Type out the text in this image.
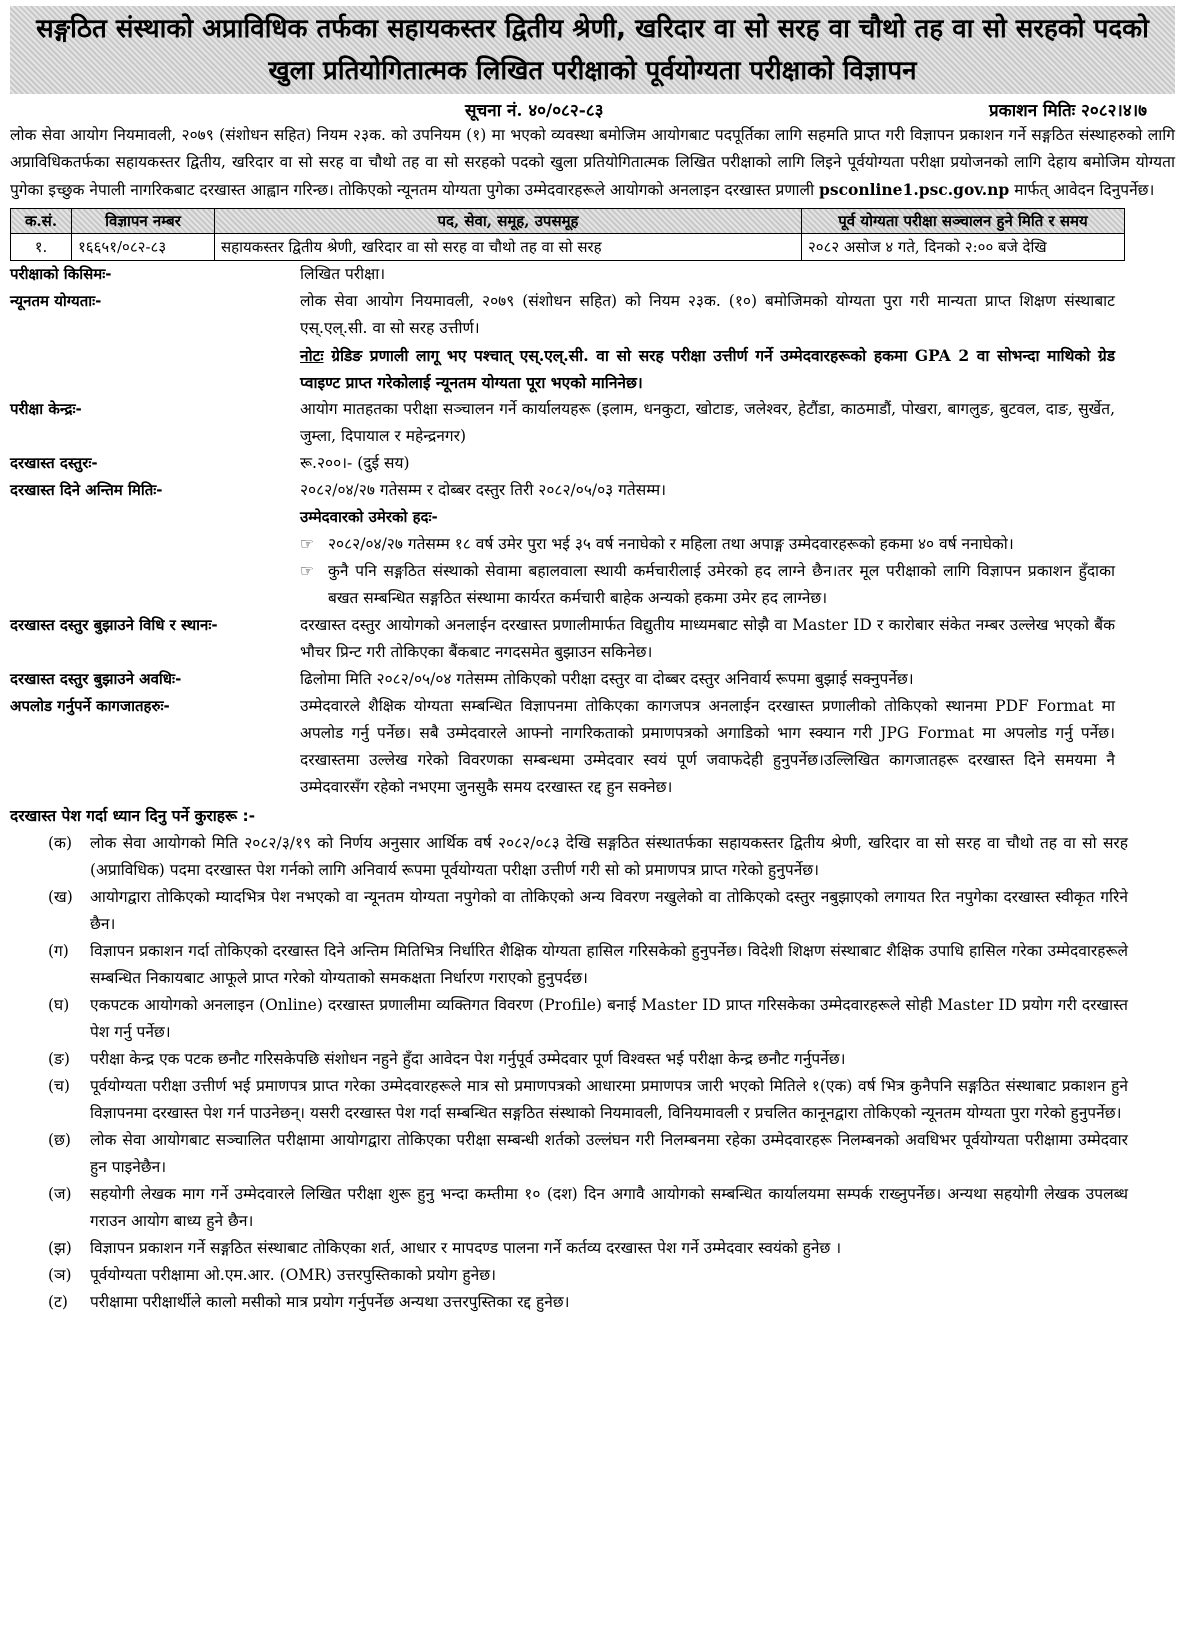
सङ्गठित संस्थाको अप्राविधिक तर्फका सहायकस्तर द्वितीय श्रेणी, खरिदार वा सो सरह वा चौथो तह वा सो सरहको पदको
खुला प्रतियोगितात्मक लिखित परीक्षाको पूर्वयोग्यता परीक्षाको विज्ञापन
सूचना नं. ४०/०८२-८३	प्रकाशन मितिः २०८२।४।७
लोक सेवा आयोग नियमावली, २०७९ (संशोधन सहित) नियम २३क. को उपनियम (१) मा भएको व्यवस्था बमोजिम आयोगबाट पदपूर्तिका लागि सहमति प्राप्त गरी विज्ञापन प्रकाशन गर्ने सङ्गठित संस्थाहरुको लागि अप्राविधिकतर्फका सहायकस्तर द्वितीय, खरिदार वा सो सरह वा चौथो तह वा सो सरहको पदको खुला प्रतियोगितात्मक लिखित परीक्षाको लागि लिइने पूर्वयोग्यता परीक्षा प्रयोजनको लागि देहाय बमोजिम योग्यता पुगेका इच्छुक नेपाली नागरिकबाट दरखास्त आह्वान गरिन्छ। तोकिएको न्यूनतम योग्यता पुगेका उम्मेदवारहरूले आयोगको अनलाइन दरखास्त प्रणाली psconline1.psc.gov.np मार्फत् आवेदन दिनुपर्नेछ।
क.सं.	विज्ञापन नम्बर	पद, सेवा, समूह, उपसमूह	पूर्व योग्यता परीक्षा सञ्चालन हुने मिति र समय
१.	१६६५१/०८२-८३	सहायकस्तर द्वितीय श्रेणी, खरिदार वा सो सरह वा चौथो तह वा सो सरह	२०८२ असोज ४ गते, दिनको २:०० बजे देखि
परीक्षाको किसिमः-	लिखित परीक्षा।
न्यूनतम योग्यताः-	लोक सेवा आयोग नियमावली, २०७९ (संशोधन सहित) को नियम २३क. (१०) बमोजिमको योग्यता पुरा गरी मान्यता प्राप्त शिक्षण संस्थाबाट एस्.एल्.सी. वा सो सरह उत्तीर्ण।
नोटः ग्रेडिङ प्रणाली लागू भए पश्चात् एस्.एल्.सी. वा सो सरह परीक्षा उत्तीर्ण गर्ने उम्मेदवारहरूको हकमा GPA 2 वा सोभन्दा माथिको ग्रेड प्वाइण्ट प्राप्त गरेकोलाई न्यूनतम योग्यता पूरा भएको मानिनेछ।
परीक्षा केन्द्रः-	आयोग मातहतका परीक्षा सञ्चालन गर्ने कार्यालयहरू (इलाम, धनकुटा, खोटाङ, जलेश्वर, हेटौंडा, काठमाडौं, पोखरा, बागलुङ, बुटवल, दाङ, सुर्खेत, जुम्ला, दिपायाल र महेन्द्रनगर)
दरखास्त दस्तुरः-	रू.२००।- (दुई सय)
दरखास्त दिने अन्तिम मितिः-	२०८२/०४/२७ गतेसम्म र दोब्बर दस्तुर तिरी २०८२/०५/०३ गतेसम्म।
उम्मेदवारको उमेरको हदः-
☞ २०८२/०४/२७ गतेसम्म १८ वर्ष उमेर पुरा भई ३५ वर्ष ननाघेको र महिला तथा अपाङ्ग उम्मेदवारहरूको हकमा ४० वर्ष ननाघेको।
☞ कुनै पनि सङ्गठित संस्थाको सेवामा बहालवाला स्थायी कर्मचारीलाई उमेरको हद लाग्ने छैन।तर मूल परीक्षाको लागि विज्ञापन प्रकाशन हुँदाका बखत सम्बन्धित सङ्गठित संस्थामा कार्यरत कर्मचारी बाहेक अन्यको हकमा उमेर हद लाग्नेछ।
दरखास्त दस्तुर बुझाउने विधि र स्थानः-	दरखास्त दस्तुर आयोगको अनलाईन दरखास्त प्रणालीमार्फत विद्युतीय माध्यमबाट सोझै वा Master ID र कारोबार संकेत नम्बर उल्लेख भएको बैंक भौचर प्रिन्ट गरी तोकिएका बैंकबाट नगदसमेत बुझाउन सकिनेछ।
दरखास्त दस्तुर बुझाउने अवधिः-	ढिलोमा मिति २०८२/०५/०४ गतेसम्म तोकिएको परीक्षा दस्तुर वा दोब्बर दस्तुर अनिवार्य रूपमा बुझाई सक्नुपर्नेछ।
अपलोड गर्नुपर्ने कागजातहरुः-	उम्मेदवारले शैक्षिक योग्यता सम्बन्धित विज्ञापनमा तोकिएका कागजपत्र अनलाईन दरखास्त प्रणालीको तोकिएको स्थानमा PDF Format मा अपलोड गर्नु पर्नेछ। सबै उम्मेदवारले आफ्नो नागरिकताको प्रमाणपत्रको अगाडिको भाग स्क्यान गरी JPG Format मा अपलोड गर्नु पर्नेछ। दरखास्तमा उल्लेख गरेको विवरणका सम्बन्धमा उम्मेदवार स्वयं पूर्ण जवाफदेही हुनुपर्नेछ।उल्लिखित कागजातहरू दरखास्त दिने समयमा नै उम्मेदवारसँग रहेको नभएमा जुनसुकै समय दरखास्त रद्द हुन सक्नेछ।
दरखास्त पेश गर्दा ध्यान दिनु पर्ने कुराहरू :-
(क)	लोक सेवा आयोगको मिति २०८२/३/१९ को निर्णय अनुसार आर्थिक वर्ष २०८२/०८३ देखि सङ्गठित संस्थातर्फका सहायकस्तर द्वितीय श्रेणी, खरिदार वा सो सरह वा चौथो तह वा सो सरह (अप्राविधिक) पदमा दरखास्त पेश गर्नको लागि अनिवार्य रूपमा पूर्वयोग्यता परीक्षा उत्तीर्ण गरी सो को प्रमाणपत्र प्राप्त गरेको हुनुपर्नेछ।
(ख)	आयोगद्वारा तोकिएको म्यादभित्र पेश नभएको वा न्यूनतम योग्यता नपुगेको वा तोकिएको अन्य विवरण नखुलेको वा तोकिएको दस्तुर नबुझाएको लगायत रित नपुगेका दरखास्त स्वीकृत गरिने छैन।
(ग)	विज्ञापन प्रकाशन गर्दा तोकिएको दरखास्त दिने अन्तिम मितिभित्र निर्धारित शैक्षिक योग्यता हासिल गरिसकेको हुनुपर्नेछ। विदेशी शिक्षण संस्थाबाट शैक्षिक उपाधि हासिल गरेका उम्मेदवारहरूले सम्बन्धित निकायबाट आफूले प्राप्त गरेको योग्यताको समकक्षता निर्धारण गराएको हुनुपर्दछ।
(घ)	एकपटक आयोगको अनलाइन (Online) दरखास्त प्रणालीमा व्यक्तिगत विवरण (Profile) बनाई Master ID प्राप्त गरिसकेका उम्मेदवारहरूले सोही Master ID प्रयोग गरी दरखास्त पेश गर्नु पर्नेछ।
(ङ)	परीक्षा केन्द्र एक पटक छनौट गरिसकेपछि संशोधन नहुने हुँदा आवेदन पेश गर्नुपूर्व उम्मेदवार पूर्ण विश्वस्त भई परीक्षा केन्द्र छनौट गर्नुपर्नेछ।
(च)	पूर्वयोग्यता परीक्षा उत्तीर्ण भई प्रमाणपत्र प्राप्त गरेका उम्मेदवारहरूले मात्र सो प्रमाणपत्रको आधारमा प्रमाणपत्र जारी भएको मितिले १(एक) वर्ष भित्र कुनैपनि सङ्गठित संस्थाबाट प्रकाशन हुने विज्ञापनमा दरखास्त पेश गर्न पाउनेछन्। यसरी दरखास्त पेश गर्दा सम्बन्धित सङ्गठित संस्थाको नियमावली, विनियमावली र प्रचलित कानूनद्वारा तोकिएको न्यूनतम योग्यता पुरा गरेको हुनुपर्नेछ।
(छ)	लोक सेवा आयोगबाट सञ्चालित परीक्षामा आयोगद्वारा तोकिएका परीक्षा सम्बन्धी शर्तको उल्लंघन गरी निलम्बनमा रहेका उम्मेदवारहरू निलम्बनको अवधिभर पूर्वयोग्यता परीक्षामा उम्मेदवार हुन पाइनेछैन।
(ज)	सहयोगी लेखक माग गर्ने उम्मेदवारले लिखित परीक्षा शुरू हुनु भन्दा कम्तीमा १० (दश) दिन अगावै आयोगको सम्बन्धित कार्यालयमा सम्पर्क राख्नुपर्नेछ। अन्यथा सहयोगी लेखक उपलब्ध गराउन आयोग बाध्य हुने छैन।
(झ)	विज्ञापन प्रकाशन गर्ने सङ्गठित संस्थाबाट तोकिएका शर्त, आधार र मापदण्ड पालना गर्ने कर्तव्य दरखास्त पेश गर्ने उम्मेदवार स्वयंको हुनेछ ।
(ञ)	पूर्वयोग्यता परीक्षामा ओ.एम.आर. (OMR) उत्तरपुस्तिकाको प्रयोग हुनेछ।
(ट)	परीक्षामा परीक्षार्थीले कालो मसीको मात्र प्रयोग गर्नुपर्नेछ अन्यथा उत्तरपुस्तिका रद्द हुनेछ।
